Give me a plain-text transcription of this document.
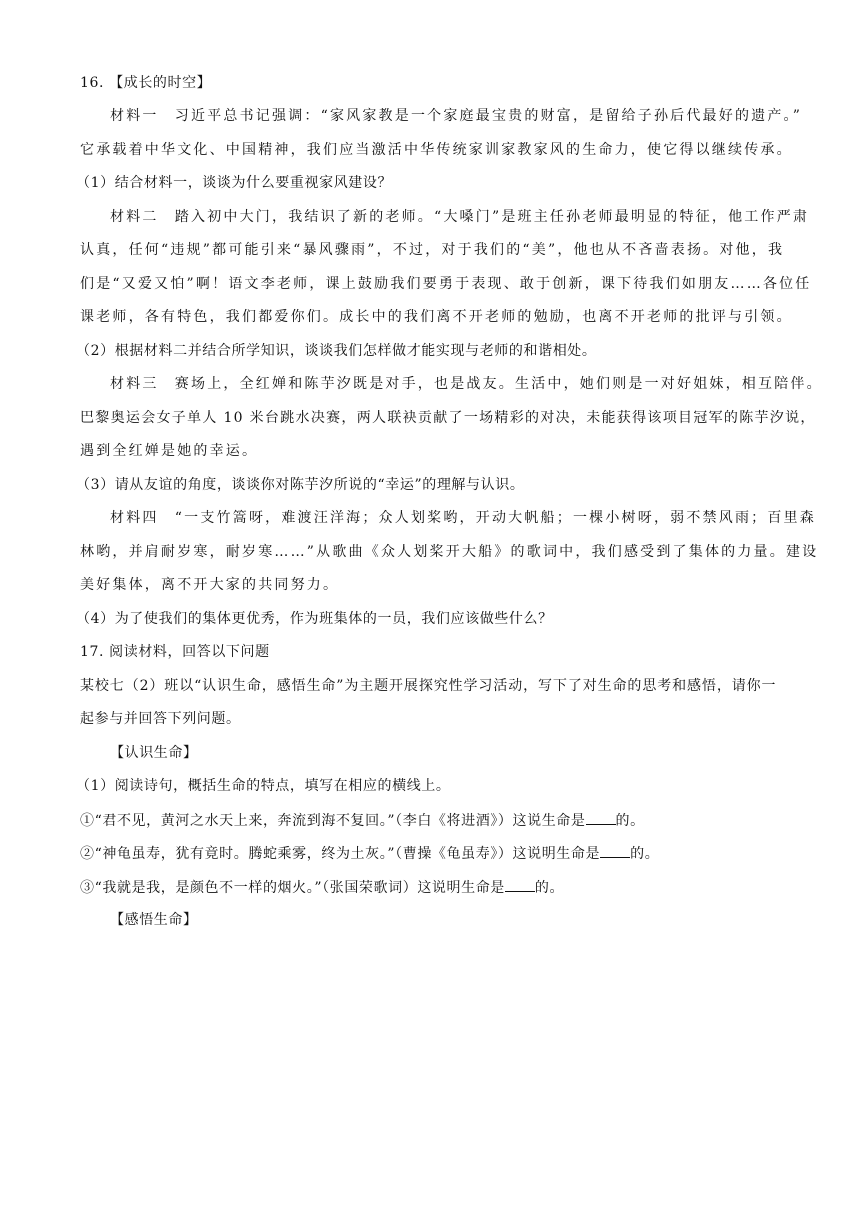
16. 【成长的时空】
材料一　习近平总书记强调：“家风家教是一个家庭最宝贵的财富，是留给子孙后代最好的遗产。”
它承载着中华文化、中国精神，我们应当激活中华传统家训家教家风的生命力，使它得以继续传承。
（1）结合材料一，谈谈为什么要重视家风建设？
材料二　踏入初中大门，我结识了新的老师。“大嗓门”是班主任孙老师最明显的特征，他工作严肃
认真，任何“违规”都可能引来“暴风骤雨”，不过，对于我们的“美”，他也从不吝啬表扬。对他，我
们是“又爱又怕”啊！语文李老师，课上鼓励我们要勇于表现、敢于创新，课下待我们如朋友……各位任
课老师，各有特色，我们都爱你们。成长中的我们离不开老师的勉励，也离不开老师的批评与引领。
（2）根据材料二并结合所学知识，谈谈我们怎样做才能实现与老师的和谐相处。
材料三　赛场上，全红婵和陈芋汐既是对手，也是战友。生活中，她们则是一对好姐妹，相互陪伴。
巴黎奥运会女子单人 10 米台跳水决赛，两人联袂贡献了一场精彩的对决，未能获得该项目冠军的陈芋汐说，
遇到全红婵是她的幸运。
（3）请从友谊的角度，谈谈你对陈芋汐所说的“幸运”的理解与认识。
材料四　“一支竹篙呀，难渡汪洋海；众人划桨哟，开动大帆船；一棵小树呀，弱不禁风雨；百里森
林哟，并肩耐岁寒，耐岁寒……”从歌曲《众人划桨开大船》的歌词中，我们感受到了集体的力量。建设
美好集体，离不开大家的共同努力。
（4）为了使我们的集体更优秀，作为班集体的一员，我们应该做些什么？
17. 阅读材料，回答以下问题
某校七（2）班以“认识生命，感悟生命”为主题开展探究性学习活动，写下了对生命的思考和感悟，请你一
起参与并回答下列问题。
【认识生命】
（1）阅读诗句，概括生命的特点，填写在相应的横线上。
①“君不见，黄河之水天上来，奔流到海不复回。”（李白《将进酒》）这说生命是 的。
②“神龟虽寿，犹有竟时。腾蛇乘雾，终为土灰。”（曹操《龟虽寿》）这说明生命是 的。
③“我就是我，是颜色不一样的烟火。”（张国荣歌词）这说明生命是 的。
【感悟生命】
